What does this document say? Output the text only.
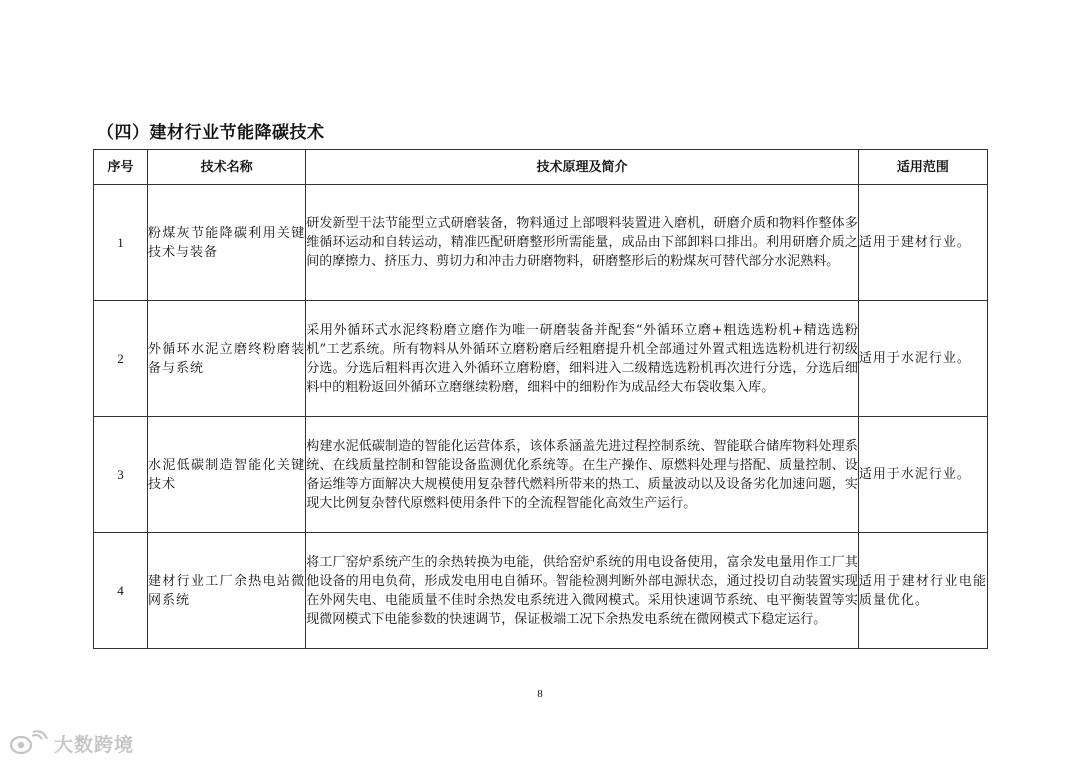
（四）建材行业节能降碳技术
序号	技术名称	技术原理及简介	适用范围
1	粉煤灰节能降碳利用关键技术与装备	研发新型干法节能型立式研磨装备，物料通过上部喂料装置进入磨机，研磨介质和物料作整体多维循环运动和自转运动，精准匹配研磨整形所需能量，成品由下部卸料口排出。利用研磨介质之间的摩擦力、挤压力、剪切力和冲击力研磨物料，研磨整形后的粉煤灰可替代部分水泥熟料。	适用于建材行业。
2	外循环水泥立磨终粉磨装备与系统	采用外循环式水泥终粉磨立磨作为唯一研磨装备并配套“外循环立磨+粗选选粉机+精选选粉机”工艺系统。所有物料从外循环立磨粉磨后经粗磨提升机全部通过外置式粗选选粉机进行初级分选。分选后粗料再次进入外循环立磨粉磨，细料进入二级精选选粉机再次进行分选，分选后细料中的粗粉返回外循环立磨继续粉磨，细料中的细粉作为成品经大布袋收集入库。	适用于水泥行业。
3	水泥低碳制造智能化关键技术	构建水泥低碳制造的智能化运营体系，该体系涵盖先进过程控制系统、智能联合储库物料处理系统、在线质量控制和智能设备监测优化系统等。在生产操作、原燃料处理与搭配、质量控制、设备运维等方面解决大规模使用复杂替代燃料所带来的热工、质量波动以及设备劣化加速问题，实现大比例复杂替代原燃料使用条件下的全流程智能化高效生产运行。	适用于水泥行业。
4	建材行业工厂余热电站微网系统	将工厂窑炉系统产生的余热转换为电能，供给窑炉系统的用电设备使用，富余发电量用作工厂其他设备的用电负荷，形成发电用电自循环。智能检测判断外部电源状态，通过投切自动装置实现在外网失电、电能质量不佳时余热发电系统进入微网模式。采用快速调节系统、电平衡装置等实现微网模式下电能参数的快速调节，保证极端工况下余热发电系统在微网模式下稳定运行。	适用于建材行业电能质量优化。
8
大数跨境
